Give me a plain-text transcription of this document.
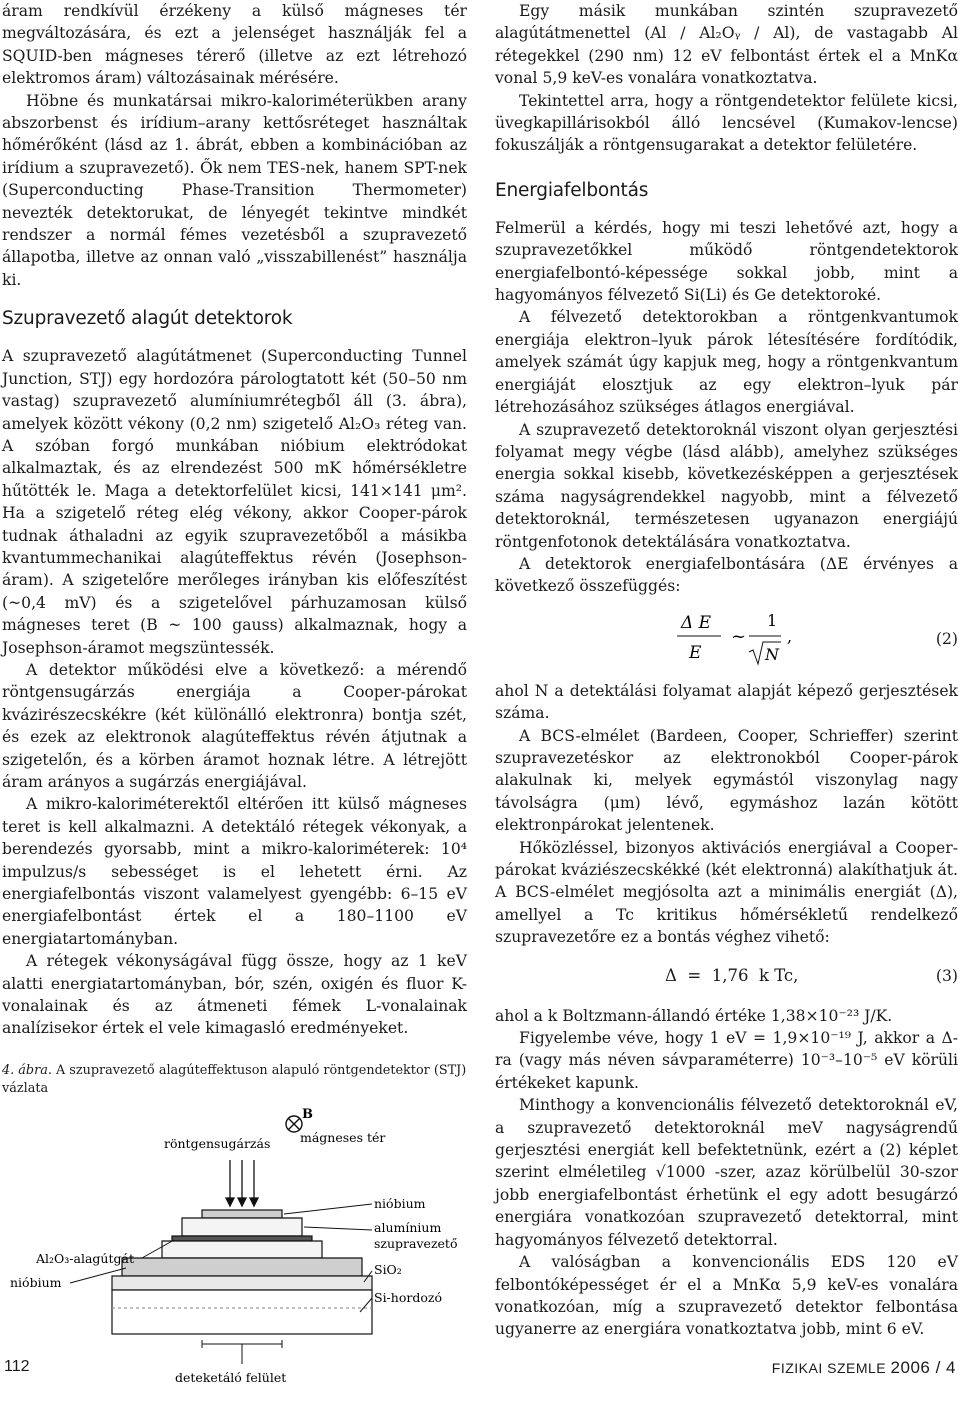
áram rendkívül érzékeny a külső mágneses tér megváltozására, és ezt a jelenséget használják fel a SQUID-ben mágneses térerő (illetve az ezt létrehozó elektromos áram) változásainak mérésére.

Höbne és munkatársai mikro-kaloriméterükben arany abszorbenst és irídium–arany kettősréteget használtak hőmérőként (lásd az 1. ábrát, ebben a kombinációban az irídium a szupravezető). Ők nem TES-nek, hanem SPT-nek (Superconducting Phase-Transition Thermometer) nevezték detektorukat, de lényegét tekintve mindkét rendszer a normál fémes vezetésből a szupravezető állapotba, illetve az onnan való „visszabillenést” használja ki.

Szupravezető alagút detektorok

A szupravezető alagútátmenet (Superconducting Tunnel Junction, STJ) egy hordozóra párologtatott két (50–50 nm vastag) szupravezető alumíniumrétegből áll (3. ábra), amelyek között vékony (0,2 nm) szigetelő Al₂O₃ réteg van. A szóban forgó munkában nióbium elektródokat alkalmaztak, és az elrendezést 500 mK hőmérsékletre hűtötték le. Maga a detektorfelület kicsi, 141×141 μm². Ha a szigetelő réteg elég vékony, akkor Cooper-párok tudnak áthaladni az egyik szupravezetőből a másikba kvantummechanikai alagúteffektus révén (Josephson-áram). A szigetelőre merőleges irányban kis előfeszítést (~0,4 mV) és a szigetelővel párhuzamosan külső mágneses teret (B ~ 100 gauss) alkalmaznak, hogy a Josephson-áramot megszüntessék.

A detektor működési elve a következő: a mérendő röntgensugárzás energiája a Cooper-párokat kvázirészecskékre (két különálló elektronra) bontja szét, és ezek az elektronok alagúteffektus révén átjutnak a szigetelőn, és a körben áramot hoznak létre. A létrejött áram arányos a sugárzás energiájával.

A mikro-kaloriméterektől eltérően itt külső mágneses teret is kell alkalmazni. A detektáló rétegek vékonyak, a berendezés gyorsabb, mint a mikro-kaloriméterek: 10⁴ impulzus/s sebességet is el lehetett érni. Az energiafelbontás viszont valamelyest gyengébb: 6–15 eV energiafelbontást értek el a 180–1100 eV energiatartományban.

A rétegek vékonyságával függ össze, hogy az 1 keV alatti energiatartományban, bór, szén, oxigén és fluor K-vonalainak és az átmeneti fémek L-vonalainak analízisekor értek el vele kimagasló eredményeket.

4. ábra. A szupravezető alagúteffektuson alapuló röntgendetektor (STJ) vázlata

B
mágneses tér
röntgensugárzás
Al₂O₃-alagútgát
nióbium
nióbium
alumínium
szupravezető
SiO₂
Si-hordozó
deteketáló felület

Egy másik munkában szintén szupravezető alagútátmenettel (Al / Al₂Oᵧ / Al), de vastagabb Al rétegekkel (290 nm) 12 eV felbontást értek el a MnKα vonal 5,9 keV-es vonalára vonatkoztatva.

Tekintettel arra, hogy a röntgendetektor felülete kicsi, üvegkapillárisokból álló lencsével (Kumakov-lencse) fokuszálják a röntgensugarakat a detektor felületére.

Energiafelbontás

Felmerül a kérdés, hogy mi teszi lehetővé azt, hogy a szupravezetőkkel működő röntgendetektorok energiafelbontó-képessége sokkal jobb, mint a hagyományos félvezető Si(Li) és Ge detektoroké.

A félvezető detektorokban a röntgenkvantumok energiája elektron–lyuk párok létesítésére fordítódik, amelyek számát úgy kapjuk meg, hogy a röntgenkvantum energiáját elosztjuk az egy elektron–lyuk pár létrehozásához szükséges átlagos energiával.

A szupravezető detektoroknál viszont olyan gerjesztési folyamat megy végbe (lásd alább), amelyhez szükséges energia sokkal kisebb, következésképpen a gerjesztések száma nagyságrendekkel nagyobb, mint a félvezető detektoroknál, természetesen ugyanazon energiájú röntgenfotonok detektálására vonatkoztatva.

A detektorok energiafelbontására (ΔE érvényes a következő összefüggés:

Δ E
E
~
1
N
,	(2)

ahol N a detektálási folyamat alapját képező gerjesztések száma.

A BCS-elmélet (Bardeen, Cooper, Schrieffer) szerint szupravezetéskor az elektronokból Cooper-párok alakulnak ki, melyek egymástól viszonylag nagy távolságra (μm) lévő, egymáshoz lazán kötött elektronpárokat jelentenek.

Hőközléssel, bizonyos aktivációs energiával a Cooper-párokat kváziészecskékké (két elektronná) alakíthatjuk át. A BCS-elmélet megjósolta azt a minimális energiát (Δ), amellyel a Tc kritikus hőmérsékletű rendelkező szupravezetőre ez a bontás véghez vihető:

Δ  =  1,76  k Tc,	(3)

ahol a k Boltzmann-állandó értéke 1,38×10⁻²³ J/K.

Figyelembe véve, hogy 1 eV = 1,9×10⁻¹⁹ J, akkor a Δ-ra (vagy más néven sávparaméterre) 10⁻³–10⁻⁵ eV körüli értékeket kapunk.

Minthogy a konvencionális félvezető detektoroknál eV, a szupravezető detektoroknál meV nagyságrendű gerjesztési energiát kell befektetnünk, ezért a (2) képlet szerint elméletileg √1000 -szer, azaz körülbelül 30-szor jobb energiafelbontást érhetünk el egy adott besugárzó energiára vonatkozóan szupravezető detektorral, mint hagyományos félvezető detektorral.

A valóságban a konvencionális EDS 120 eV felbontóképességet ér el a MnKα 5,9 keV-es vonalára vonatkozóan, míg a szupravezető detektor felbontása ugyanerre az energiára vonatkoztatva jobb, mint 6 eV.

112	FIZIKAI SZEMLE 2006 / 4
